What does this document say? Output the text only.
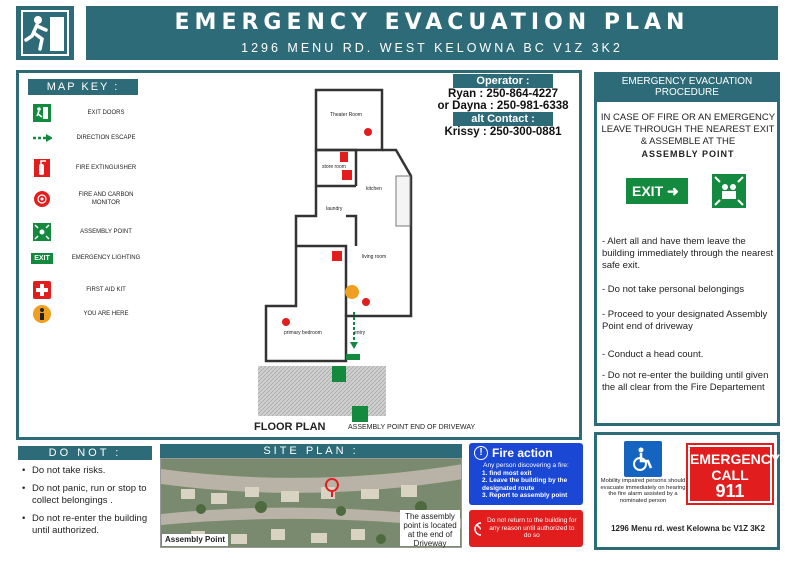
EMERGENCY EVACUATION PLAN
1296 MENU RD. WEST KELOWNA BC V1Z 3K2
MAP KEY :
EXIT DOORS
DIRECTION ESCAPE
FIRE EXTINGUISHER
FIRE AND CARBON MONITOR
ASSEMBLY POINT
EXIT	EMERGENCY LIGHTING
FIRST AID KIT
YOU ARE HERE
Theater Room
store room
kitchen
laundry
living room
entry
primary bedroom
FLOOR PLAN	ASSEMBLY POINT END OF DRIVEWAY
Operator :
Ryan : 250-864-4227
or Dayna : 250-981-6338
alt Contact :
Krissy : 250-300-0881
EMERGENCY EVACUATION PROCEDURE
IN CASE OF FIRE OR AN EMERGENCY LEAVE THROUGH THE NEAREST EXIT & ASSEMBLE AT THE
ASSEMBLY POINT
EXIT ➜
- Alert all and have them leave the building immediately through the nearest safe exit.
- Do not take personal belongings
- Proceed to your designated Assembly Point end of driveway
- Conduct a head count.
- Do not re-enter the building until given the all clear from the Fire Departement
DO NOT :
• Do not take risks.
• Do not panic, run or stop to collect belongings .
• Do not re-enter the building until authorized.
SITE PLAN :
Assembly Point
The assembly point is located at the end of Driveway
! Fire action
Any person discovering a fire:
1. find most exit
2. Leave the building by the designated route
3. Report to assembly point
Do not return to the building for any reason until authorized to do so
Mobility impaired persons should evacuate immediately on hearing the fire alarm assisted by a nominated person
EMERGENCY
CALL
911
1296 Menu rd. west Kelowna bc V1Z 3K2
